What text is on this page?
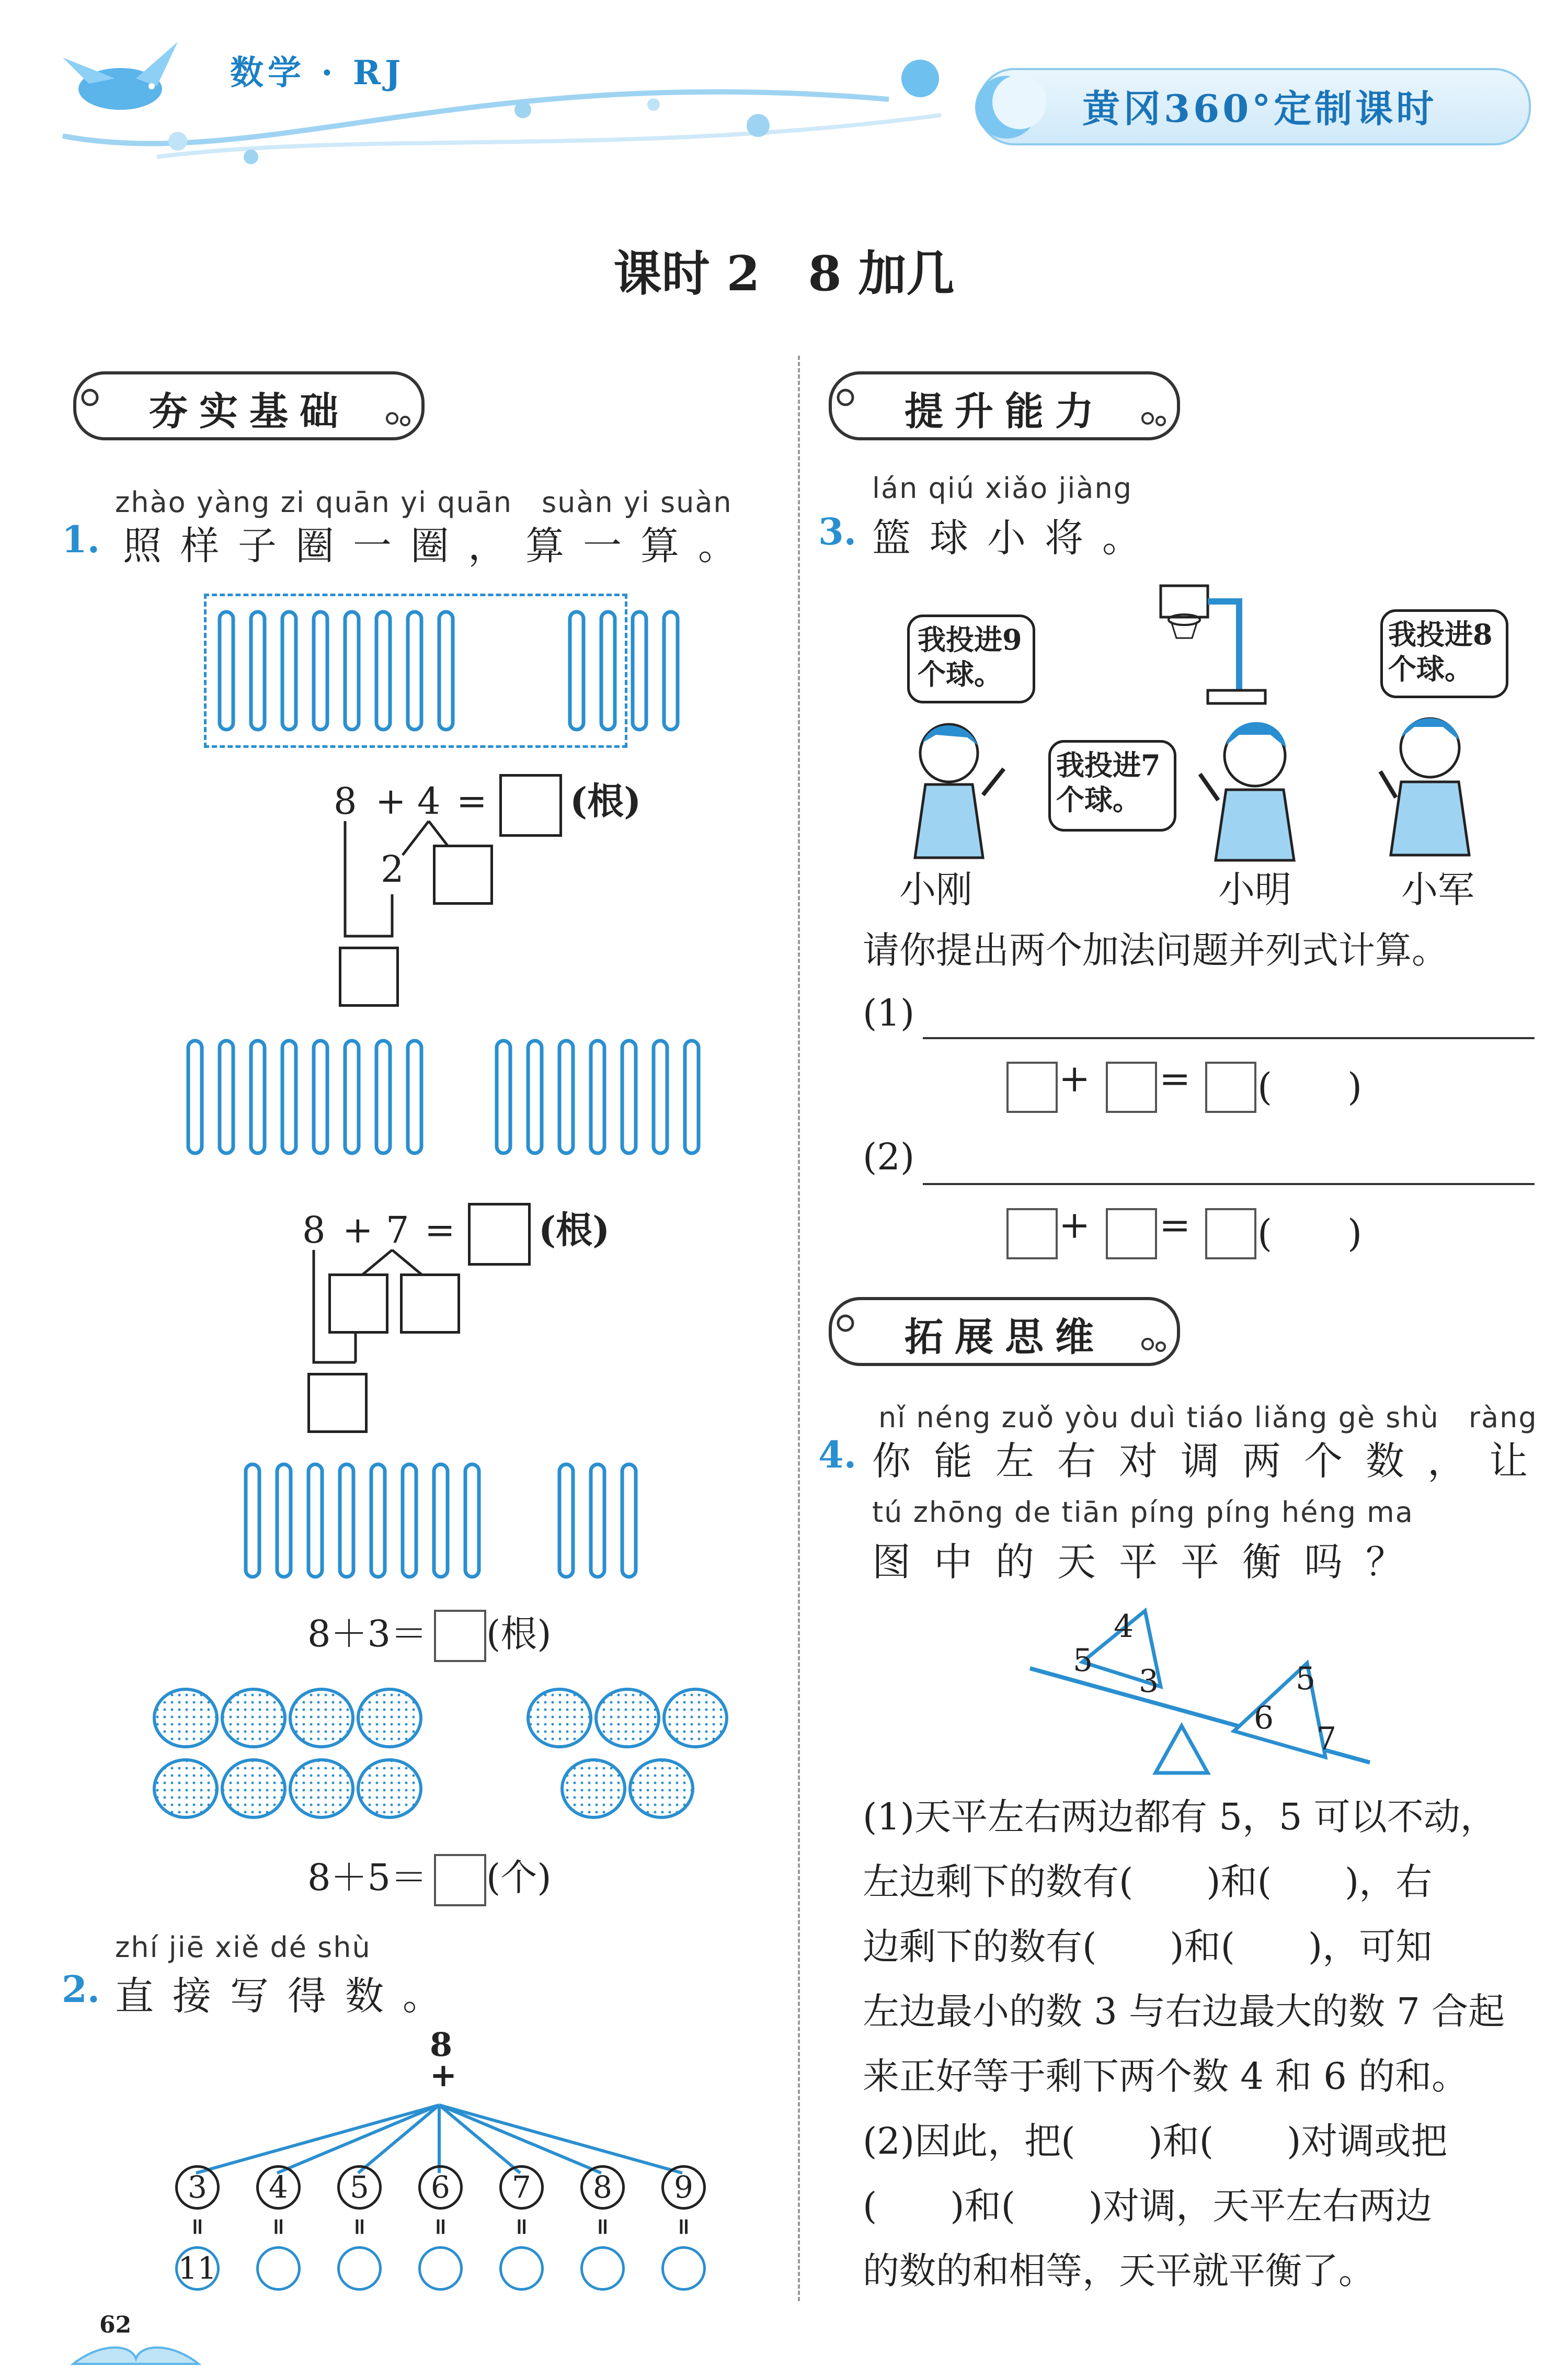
数学 · RJ
黄冈360°定制课时
课时 2　8 加几
夯实基础
zhào yàng zi quān yi quān　suàn yi suàn
1. 照样子圈一圈，算一算。
8 + 4 = (根)
2
8 + 7 = (根)
8＋3＝ (根)
8＋5＝ (个)
zhí jiē xiě dé shù
2. 直接写得数。
8
+
3	4	5	6	7	8	9
= = = = = = =
11
62
提升能力
lán qiú xiǎo jiàng
3. 篮球小将。
我投进9个球。
我投进7个球。
我投进8个球。
小刚	小明	小军
请你提出两个加法问题并列式计算。
(1)
+ = (　　)
(2)
+ = (　　)
拓展思维
nǐ néng zuǒ yòu duì tiáo liǎng gè shù　ràng
4. 你能左右对调两个数，让
tú zhōng de tiān píng píng héng ma
图中的天平平衡吗？
4
5
3	5
6
7
(1)天平左右两边都有 5，5 可以不动，
左边剩下的数有(　　)和(　　)，右
边剩下的数有(　　)和(　　)，可知
左边最小的数 3 与右边最大的数 7 合起
来正好等于剩下两个数 4 和 6 的和。
(2)因此，把(　　)和(　　)对调或把
(　　)和(　　)对调，天平左右两边
的数的和相等，天平就平衡了。
